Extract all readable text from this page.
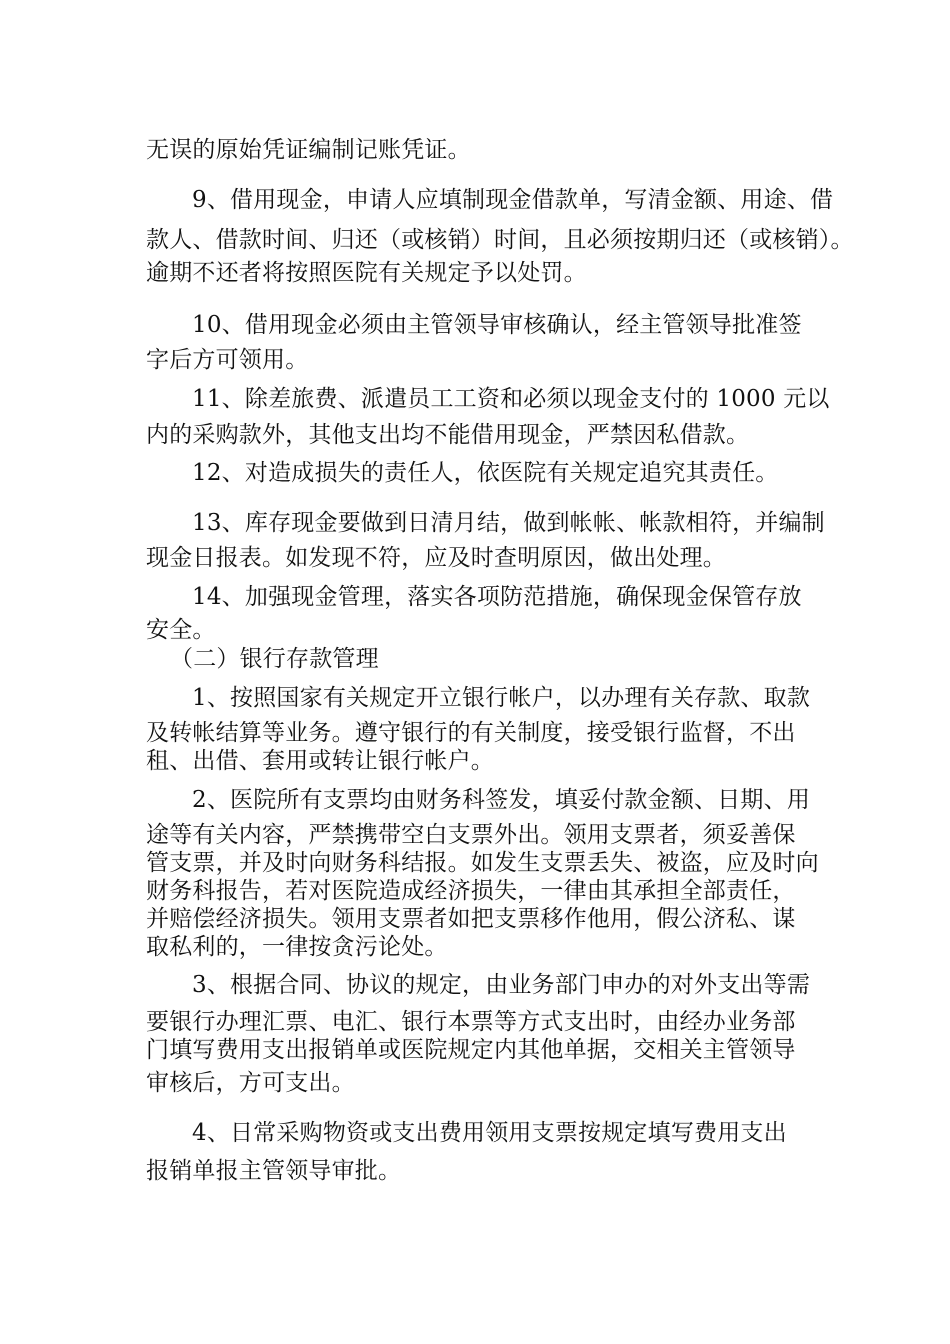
无误的原始凭证编制记账凭证。
9、借用现金，申请人应填制现金借款单，写清金额、用途、借
款人、借款时间、归还（或核销）时间，且必须按期归还（或核销）。
逾期不还者将按照医院有关规定予以处罚。
10、借用现金必须由主管领导审核确认，经主管领导批准签
字后方可领用。
11、除差旅费、派遣员工工资和必须以现金支付的 1000 元以
内的采购款外，其他支出均不能借用现金，严禁因私借款。
12、对造成损失的责任人，依医院有关规定追究其责任。
13、库存现金要做到日清月结，做到帐帐、帐款相符，并编制
现金日报表。如发现不符，应及时查明原因，做出处理。
14、加强现金管理，落实各项防范措施，确保现金保管存放
安全。
（二）银行存款管理
1、按照国家有关规定开立银行帐户，以办理有关存款、取款
及转帐结算等业务。遵守银行的有关制度，接受银行监督，不出
租、出借、套用或转让银行帐户。
2、医院所有支票均由财务科签发，填妥付款金额、日期、用
途等有关内容，严禁携带空白支票外出。领用支票者，须妥善保
管支票，并及时向财务科结报。如发生支票丢失、被盗，应及时向
财务科报告，若对医院造成经济损失，一律由其承担全部责任，
并赔偿经济损失。领用支票者如把支票移作他用，假公济私、谋
取私利的，一律按贪污论处。
3、根据合同、协议的规定，由业务部门申办的对外支出等需
要银行办理汇票、电汇、银行本票等方式支出时，由经办业务部
门填写费用支出报销单或医院规定内其他单据，交相关主管领导
审核后，方可支出。
4、日常采购物资或支出费用领用支票按规定填写费用支出
报销单报主管领导审批。
